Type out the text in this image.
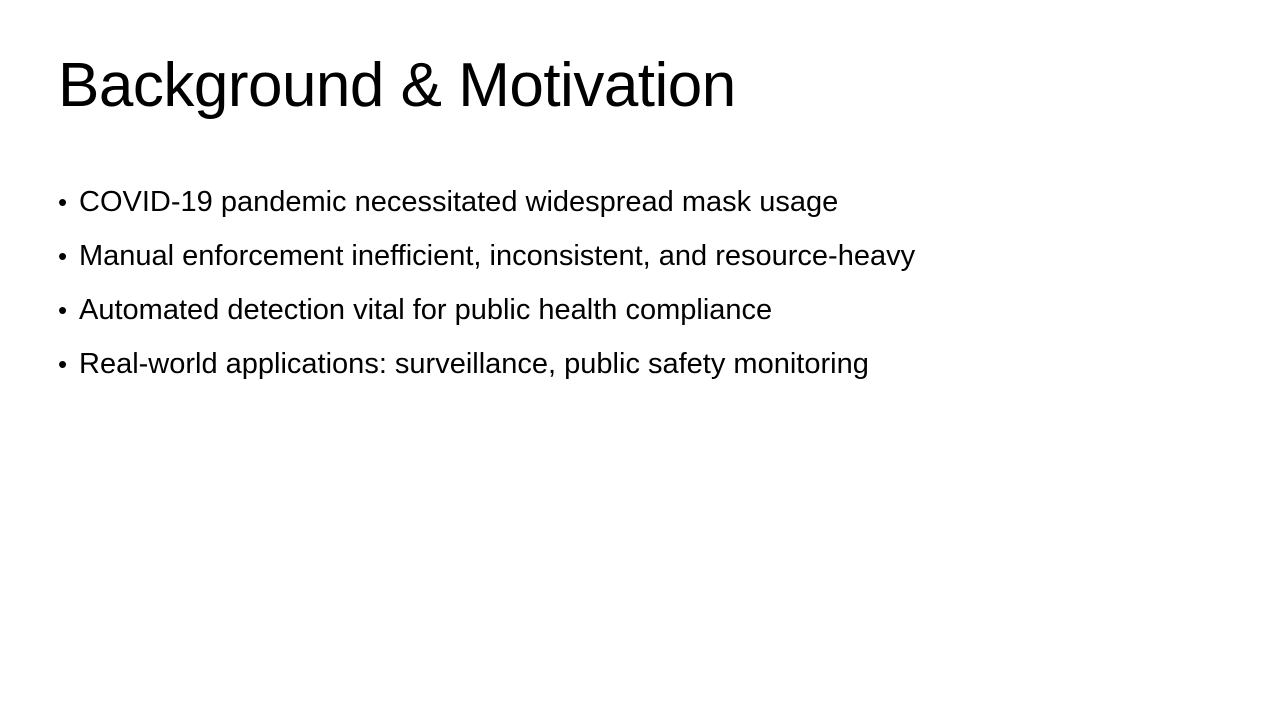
Background & Motivation
• COVID-19 pandemic necessitated widespread mask usage
• Manual enforcement inefficient, inconsistent, and resource-heavy
• Automated detection vital for public health compliance
• Real-world applications: surveillance, public safety monitoring
